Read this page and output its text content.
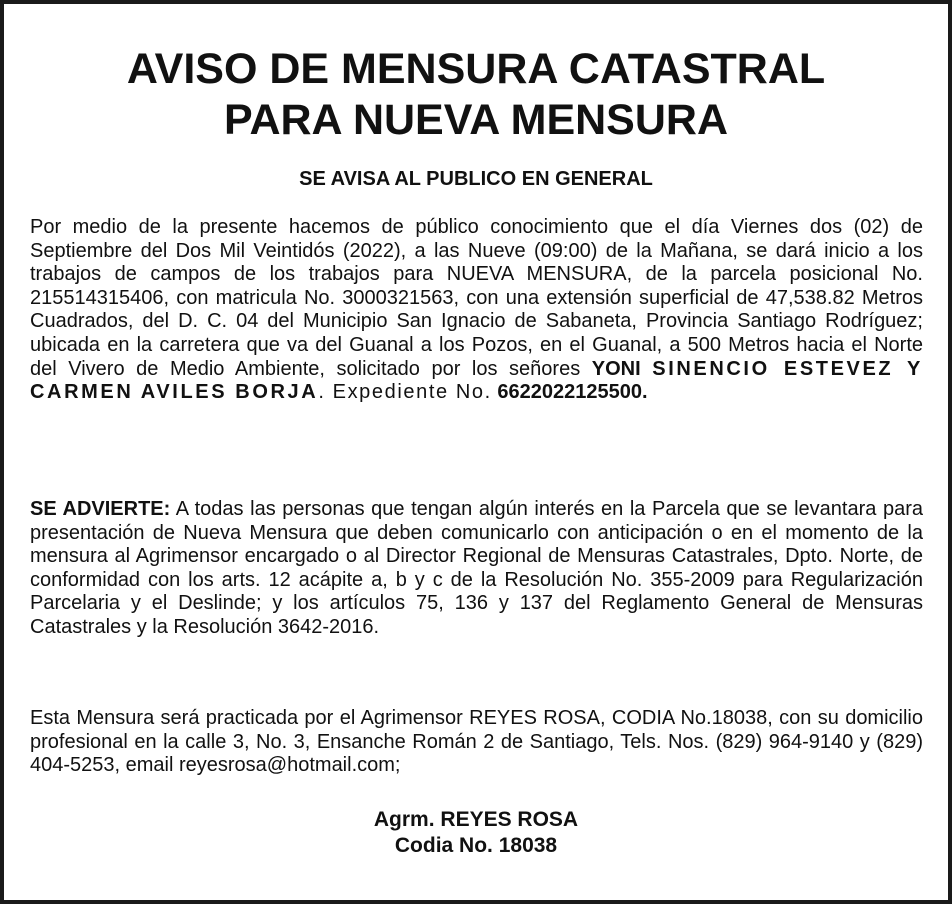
AVISO DE MENSURA CATASTRAL
PARA NUEVA MENSURA
SE AVISA AL PUBLICO EN GENERAL
Por medio de la presente hacemos de público conocimiento que el día Viernes dos (02) de Septiembre del Dos Mil Veintidós (2022), a las Nueve (09:00) de la Mañana, se dará inicio a los trabajos de campos de los trabajos para NUEVA MENSURA, de la parcela posicional No. 215514315406, con matricula No. 3000321563, con una extensión superficial de 47,538.82 Metros Cuadrados, del D. C. 04 del Municipio San Ignacio de Sabaneta, Provincia Santiago Rodríguez; ubicada en la carretera que va del Guanal a los Pozos, en el Guanal, a 500 Metros hacia el Norte del Vivero de Medio Ambiente, solicitado por los señores YONI SINENCIO ESTEVEZ Y CARMEN AVILES BORJA. Expediente No. 6622022125500.
SE ADVIERTE: A todas las personas que tengan algún interés en la Parcela que se levantara para presentación de Nueva Mensura que deben comunicarlo con anticipación o en el momento de la mensura al Agrimensor encargado o al Director Regional de Mensuras Catastrales, Dpto. Norte, de conformidad con los arts. 12 acápite a, b y c de la Resolución No. 355-2009 para Regularización Parcelaria y el Deslinde; y los artículos 75, 136 y 137 del Reglamento General de Mensuras Catastrales y la Resolución 3642-2016.
Esta Mensura será practicada por el Agrimensor REYES ROSA, CODIA No.18038, con su domicilio profesional en la calle 3, No. 3, Ensanche Román 2 de Santiago, Tels. Nos. (829) 964-9140 y (829) 404-5253, email reyesrosa@hotmail.com;
Agrm. REYES ROSA
Codia No. 18038
